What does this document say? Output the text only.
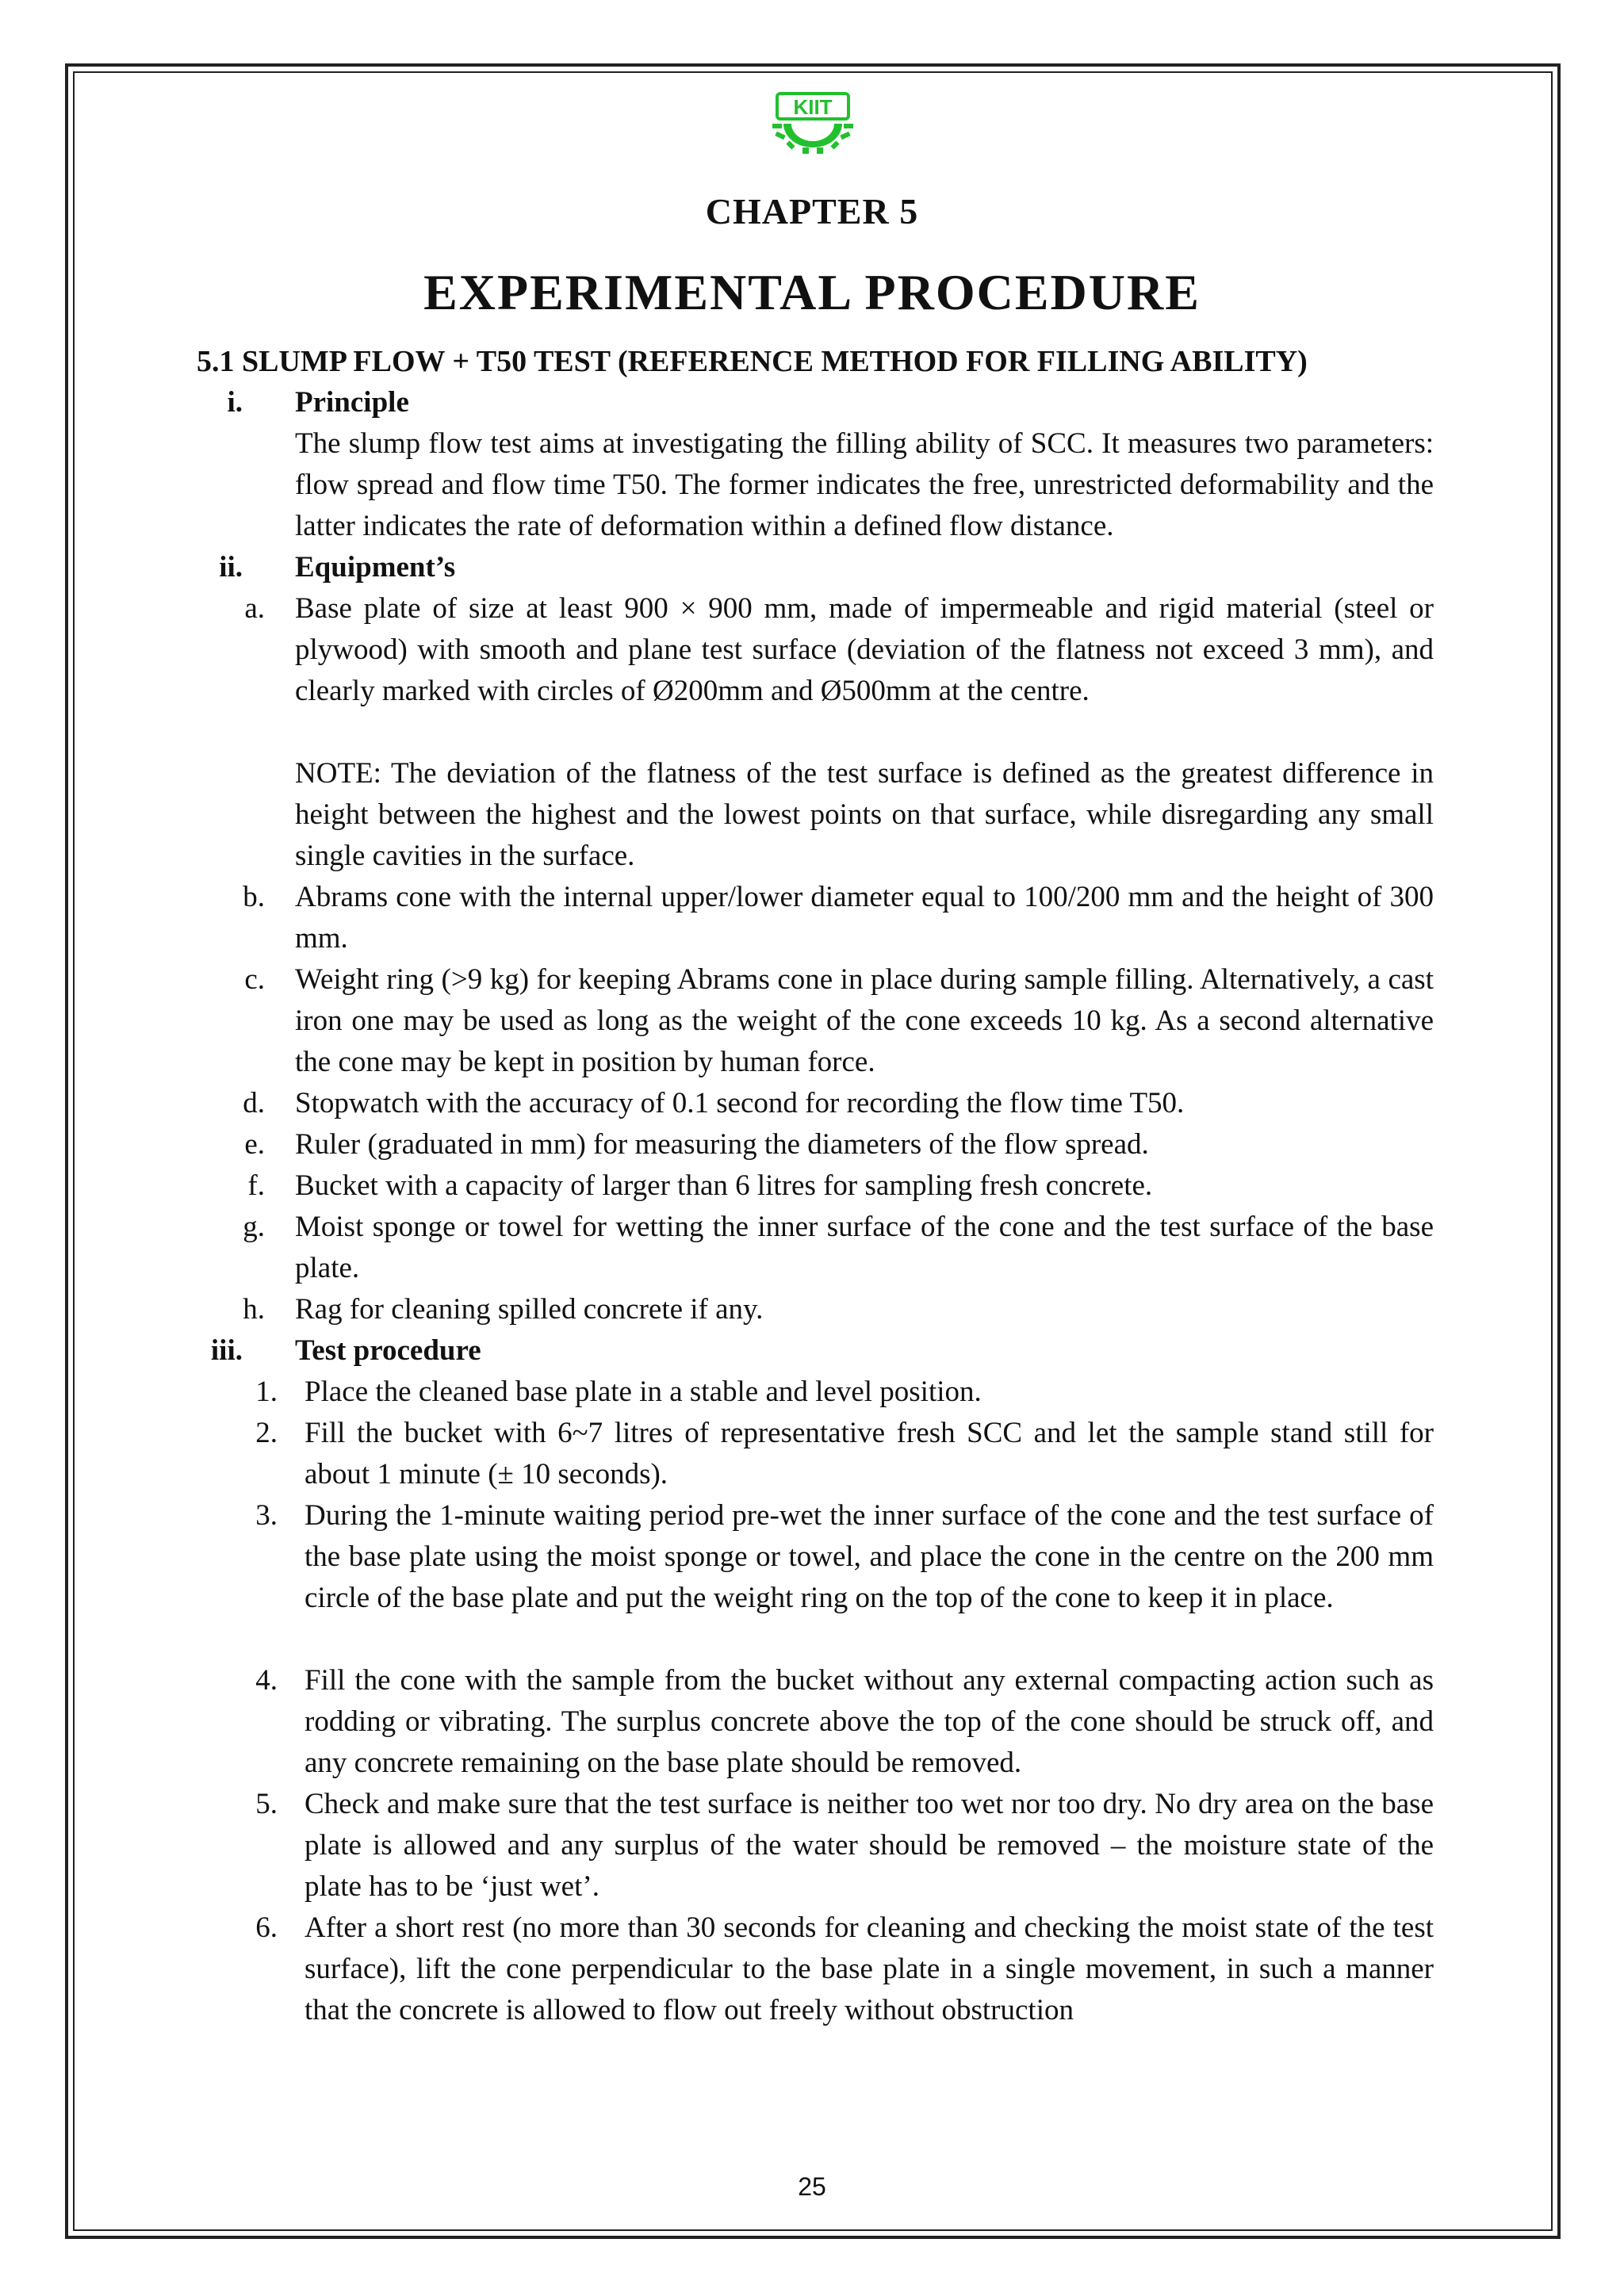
KIIT
CHAPTER 5
EXPERIMENTAL PROCEDURE
5.1 SLUMP FLOW + T50 TEST (REFERENCE METHOD FOR FILLING ABILITY)
i. Principle
The slump flow test aims at investigating the filling ability of SCC. It measures two parameters: flow spread and flow time T50. The former indicates the free, unrestricted deformability and the latter indicates the rate of deformation within a defined flow distance.
ii. Equipment’s
a. Base plate of size at least 900 × 900 mm, made of impermeable and rigid material (steel or plywood) with smooth and plane test surface (deviation of the flatness not exceed 3 mm), and clearly marked with circles of Ø200mm and Ø500mm at the centre.
NOTE: The deviation of the flatness of the test surface is defined as the greatest difference in height between the highest and the lowest points on that surface, while disregarding any small single cavities in the surface.
b. Abrams cone with the internal upper/lower diameter equal to 100/200 mm and the height of 300 mm.
c. Weight ring (>9 kg) for keeping Abrams cone in place during sample filling. Alternatively, a cast iron one may be used as long as the weight of the cone exceeds 10 kg. As a second alternative the cone may be kept in position by human force.
d. Stopwatch with the accuracy of 0.1 second for recording the flow time T50.
e. Ruler (graduated in mm) for measuring the diameters of the flow spread.
f. Bucket with a capacity of larger than 6 litres for sampling fresh concrete.
g. Moist sponge or towel for wetting the inner surface of the cone and the test surface of the base plate.
h. Rag for cleaning spilled concrete if any.
iii. Test procedure
1. Place the cleaned base plate in a stable and level position.
2. Fill the bucket with 6~7 litres of representative fresh SCC and let the sample stand still for about 1 minute (± 10 seconds).
3. During the 1-minute waiting period pre-wet the inner surface of the cone and the test surface of the base plate using the moist sponge or towel, and place the cone in the centre on the 200 mm circle of the base plate and put the weight ring on the top of the cone to keep it in place.
4. Fill the cone with the sample from the bucket without any external compacting action such as rodding or vibrating. The surplus concrete above the top of the cone should be struck off, and any concrete remaining on the base plate should be removed.
5. Check and make sure that the test surface is neither too wet nor too dry. No dry area on the base plate is allowed and any surplus of the water should be removed – the moisture state of the plate has to be ‘just wet’.
6. After a short rest (no more than 30 seconds for cleaning and checking the moist state of the test surface), lift the cone perpendicular to the base plate in a single movement, in such a manner that the concrete is allowed to flow out freely without obstruction
25
